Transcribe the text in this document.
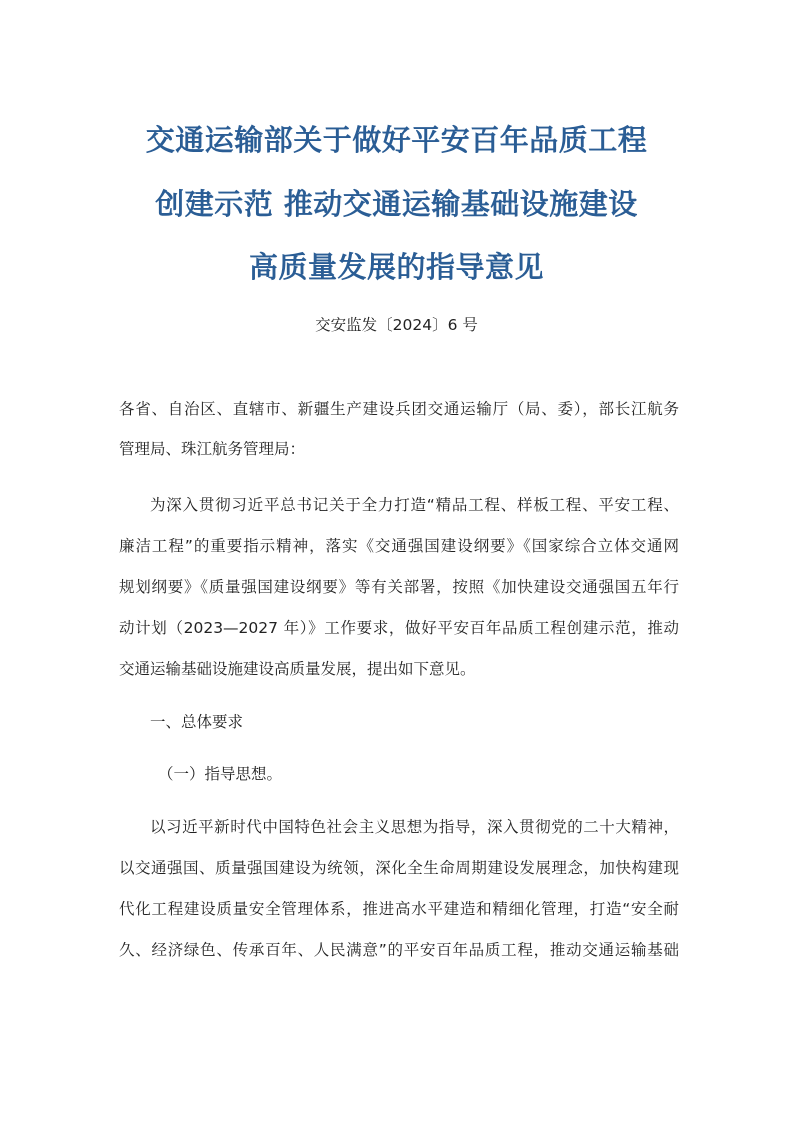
交通运输部关于做好平安百年品质工程
创建示范 推动交通运输基础设施建设
高质量发展的指导意见
交安监发〔2024〕6 号
各省、自治区、直辖市、新疆生产建设兵团交通运输厅（局、委），部长江航务
管理局、珠江航务管理局：
为深入贯彻习近平总书记关于全力打造“精品工程、样板工程、平安工程、
廉洁工程”的重要指示精神，落实《交通强国建设纲要》《国家综合立体交通网
规划纲要》《质量强国建设纲要》等有关部署，按照《加快建设交通强国五年行
动计划（2023—2027 年）》工作要求，做好平安百年品质工程创建示范，推动
交通运输基础设施建设高质量发展，提出如下意见。
一、总体要求
（一）指导思想。
以习近平新时代中国特色社会主义思想为指导，深入贯彻党的二十大精神，
以交通强国、质量强国建设为统领，深化全生命周期建设发展理念，加快构建现
代化工程建设质量安全管理体系，推进高水平建造和精细化管理，打造“安全耐
久、经济绿色、传承百年、人民满意”的平安百年品质工程，推动交通运输基础
